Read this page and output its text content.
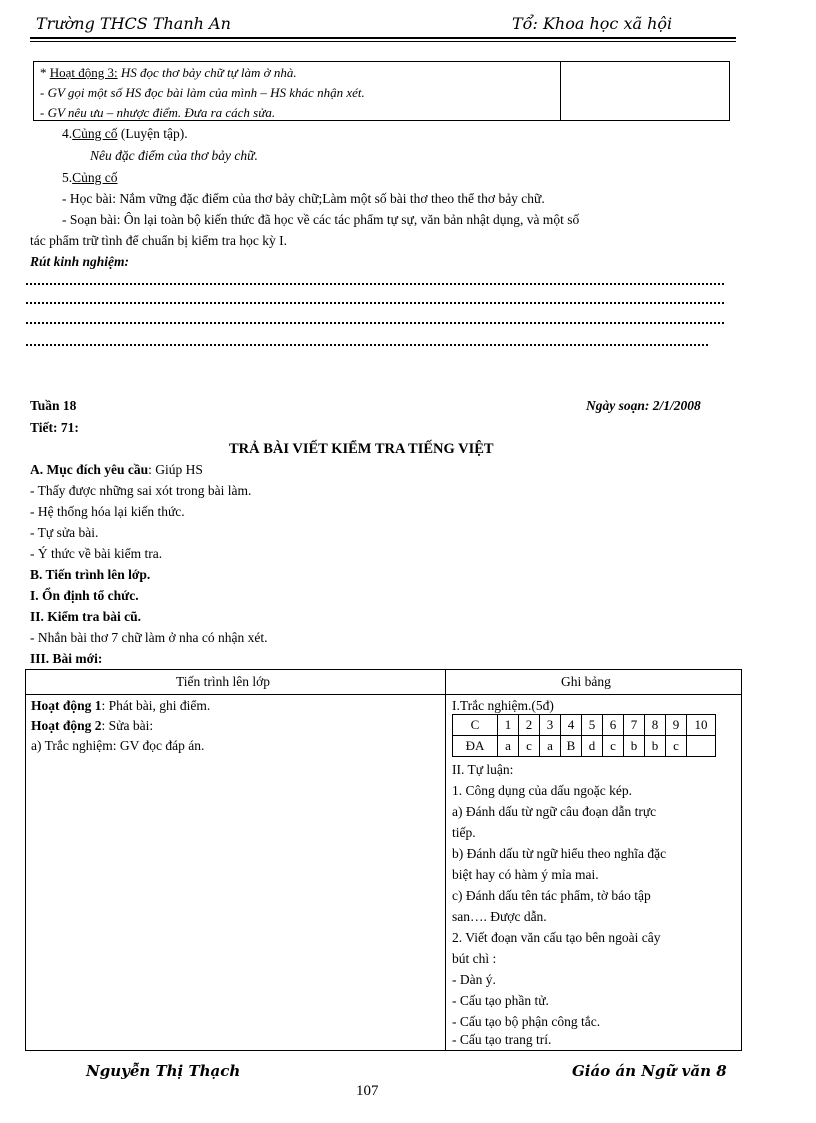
Trường THCS Thanh An	Tổ: Khoa học xã hội
* Hoạt động 3: HS đọc thơ bảy chữ tự làm ở nhà.
- GV gọi một số HS đọc bài làm của mình – HS khác nhận xét.
- GV nêu ưu – nhược điểm. Đưa ra cách sửa.
4.Củng cố (Luyện tập).
Nêu đặc điểm của thơ bảy chữ.
5.Củng cố
- Học bài: Nắm vững đặc điểm của thơ bảy chữ;Làm một số bài thơ theo thể thơ bảy chữ.
- Soạn bài: Ôn lại toàn bộ kiến thức đã học về các tác phẩm tự sự, văn bản nhật dụng, và một số
tác phẩm trữ tình để chuẩn bị kiểm tra học kỳ I.
Rút kinh nghiệm:
Tuần 18	Ngày soạn: 2/1/2008
Tiết: 71:
TRẢ BÀI VIẾT KIỂM TRA TIẾNG VIỆT
A. Mục đích yêu cầu: Giúp HS
- Thấy được những sai xót trong bài làm.
- Hệ thống hóa lại kiến thức.
- Tự sửa bài.
- Ý thức về bài kiểm tra.
B. Tiến trình lên lớp.
I. Ổn định tổ chức.
II. Kiểm tra bài cũ.
- Nhắn bài thơ 7 chữ làm ở nha có nhận xét.
III. Bài mới:
Tiến trình lên lớp	Ghi bảng
Hoạt động 1: Phát bài, ghi điểm.
Hoạt động 2: Sửa bài:
a) Trắc nghiệm: GV đọc đáp án.
I.Trắc nghiệm.(5đ)
C	1	2	3	4	5	6	7	8	9	10
ĐA	a	c	a	B	d	c	b	b	c	
II. Tự luận:
1. Công dụng của dấu ngoặc kép.
a) Đánh dấu từ ngữ câu đoạn dẫn trực
tiếp.
b) Đánh dấu từ ngữ hiểu theo nghĩa đặc
biệt hay có hàm ý mỉa mai.
c) Đánh dấu tên tác phẩm, tờ báo tập
san…. Được dẫn.
2. Viết đoạn văn cấu tạo bên ngoài cây
bút chì :
- Dàn ý.
- Cấu tạo phần tử.
- Cấu tạo bộ phận công tắc.
- Cấu tạo trang trí.
Nguyễn Thị Thạch	Giáo án Ngữ văn 8
107
